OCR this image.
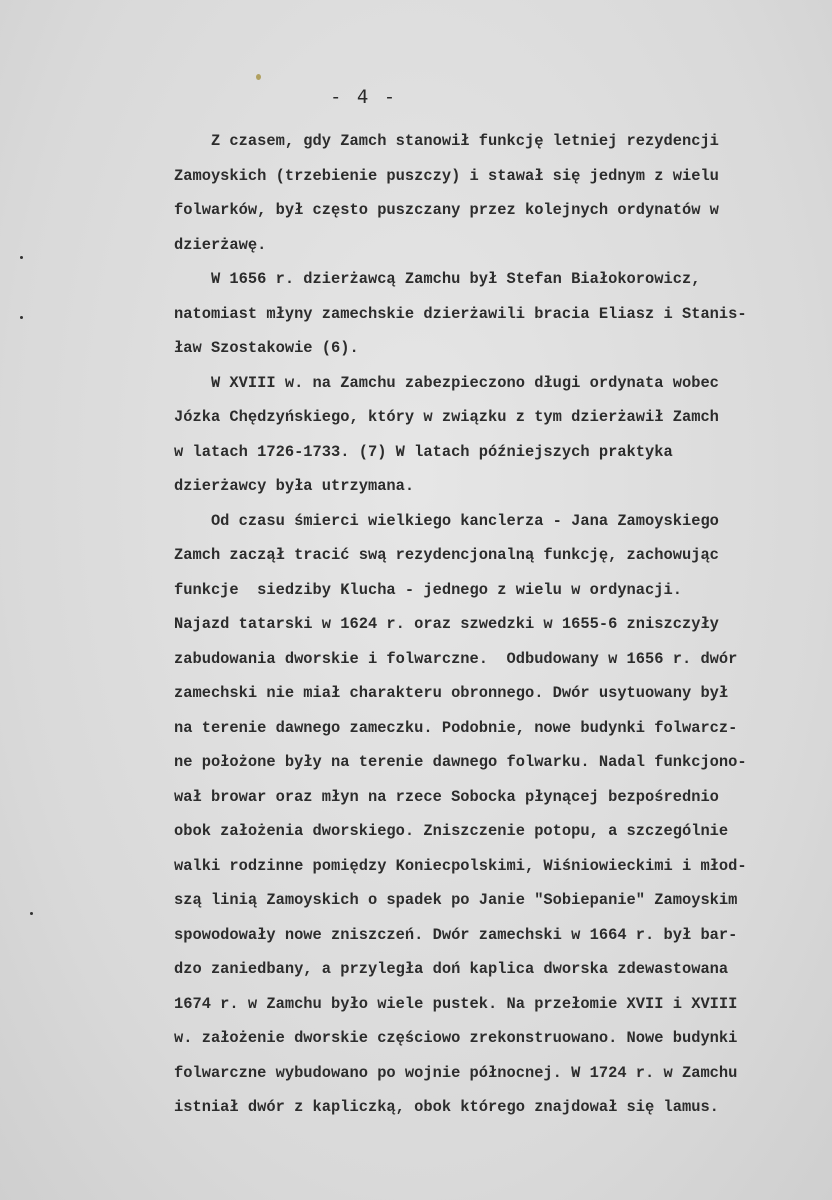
- 4 -
Z czasem, gdy Zamch stanowił funkcję letniej rezydencji
Zamoyskich (trzebienie puszczy) i stawał się jednym z wielu
folwarków, był często puszczany przez kolejnych ordynatów w
dzierżawę.
W 1656 r. dzierżawcą Zamchu był Stefan Białokorowicz,
natomiast młyny zamechskie dzierżawili bracia Eliasz i Stanis-
ław Szostakowie (6).
W XVIII w. na Zamchu zabezpieczono długi ordynata wobec
Józka Chędzyńskiego, który w związku z tym dzierżawił Zamch
w latach 1726-1733. (7) W latach późniejszych praktyka
dzierżawcy była utrzymana.
Od czasu śmierci wielkiego kanclerza - Jana Zamoyskiego
Zamch zaczął tracić swą rezydencjonalną funkcję, zachowując
funkcje  siedziby Klucha - jednego z wielu w ordynacji.
Najazd tatarski w 1624 r. oraz szwedzki w 1655-6 zniszczyły
zabudowania dworskie i folwarczne.  Odbudowany w 1656 r. dwór
zamechski nie miał charakteru obronnego. Dwór usytuowany był
na terenie dawnego zameczku. Podobnie, nowe budynki folwarcz-
ne położone były na terenie dawnego folwarku. Nadal funkcjono-
wał browar oraz młyn na rzece Sobocka płynącej bezpośrednio
obok założenia dworskiego. Zniszczenie potopu, a szczególnie
walki rodzinne pomiędzy Koniecpolskimi, Wiśniowieckimi i młod-
szą linią Zamoyskich o spadek po Janie "Sobiepanie" Zamoyskim
spowodowały nowe zniszczeń. Dwór zamechski w 1664 r. był bar-
dzo zaniedbany, a przyległa doń kaplica dworska zdewastowana
1674 r. w Zamchu było wiele pustek. Na przełomie XVII i XVIII
w. założenie dworskie częściowo zrekonstruowano. Nowe budynki
folwarczne wybudowano po wojnie północnej. W 1724 r. w Zamchu
istniał dwór z kapliczką, obok którego znajdował się lamus.
